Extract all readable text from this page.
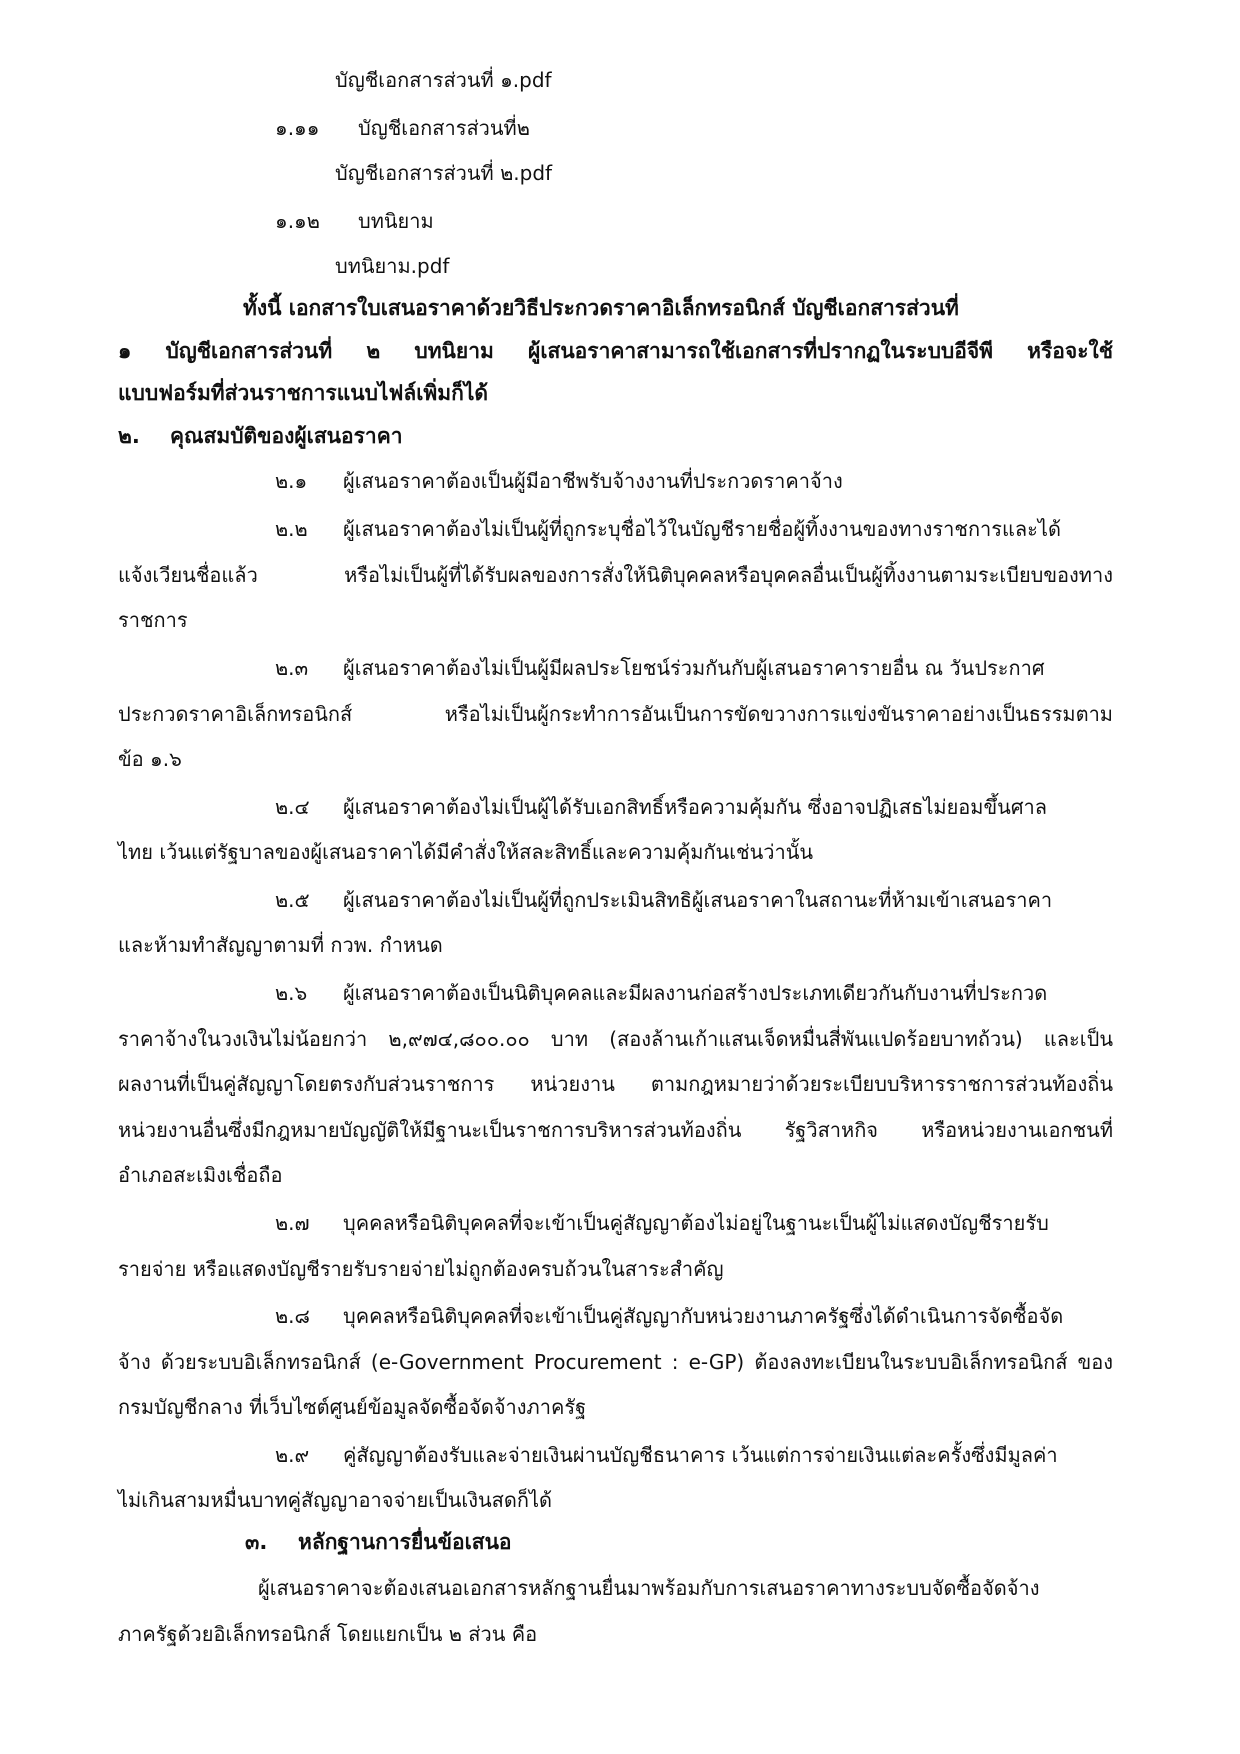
บัญชีเอกสารส่วนที่ ๑.pdf
๑.๑๑ บัญชีเอกสารส่วนที่๒
บัญชีเอกสารส่วนที่ ๒.pdf
๑.๑๒ บทนิยาม
บทนิยาม.pdf
ทั้งนี้ เอกสารใบเสนอราคาด้วยวิธีประกวดราคาอิเล็กทรอนิกส์ บัญชีเอกสารส่วนที่
๑ บัญชีเอกสารส่วนที่ ๒ บทนิยาม ผู้เสนอราคาสามารถใช้เอกสารที่ปรากฏในระบบอีจีพี หรือจะใช้
แบบฟอร์มที่ส่วนราชการแนบไฟล์เพิ่มก็ได้
๒. คุณสมบัติของผู้เสนอราคา
๒.๑ ผู้เสนอราคาต้องเป็นผู้มีอาชีพรับจ้างงานที่ประกวดราคาจ้าง
๒.๒ ผู้เสนอราคาต้องไม่เป็นผู้ที่ถูกระบุชื่อไว้ในบัญชีรายชื่อผู้ทิ้งงานของทางราชการและได้
แจ้งเวียนชื่อแล้ว หรือไม่เป็นผู้ที่ได้รับผลของการสั่งให้นิติบุคคลหรือบุคคลอื่นเป็นผู้ทิ้งงานตามระเบียบของทาง
ราชการ
๒.๓ ผู้เสนอราคาต้องไม่เป็นผู้มีผลประโยชน์ร่วมกันกับผู้เสนอราคารายอื่น ณ วันประกาศ
ประกวดราคาอิเล็กทรอนิกส์ หรือไม่เป็นผู้กระทำการอันเป็นการขัดขวางการแข่งขันราคาอย่างเป็นธรรมตาม
ข้อ ๑.๖
๒.๔ ผู้เสนอราคาต้องไม่เป็นผู้ได้รับเอกสิทธิ์หรือความคุ้มกัน ซึ่งอาจปฏิเสธไม่ยอมขึ้นศาล
ไทย เว้นแต่รัฐบาลของผู้เสนอราคาได้มีคำสั่งให้สละสิทธิ์และความคุ้มกันเช่นว่านั้น
๒.๕ ผู้เสนอราคาต้องไม่เป็นผู้ที่ถูกประเมินสิทธิผู้เสนอราคาในสถานะที่ห้ามเข้าเสนอราคา
และห้ามทำสัญญาตามที่ กวพ. กำหนด
๒.๖ ผู้เสนอราคาต้องเป็นนิติบุคคลและมีผลงานก่อสร้างประเภทเดียวกันกับงานที่ประกวด
ราคาจ้างในวงเงินไม่น้อยกว่า ๒,๙๗๔,๘๐๐.๐๐ บาท (สองล้านเก้าแสนเจ็ดหมื่นสี่พันแปดร้อยบาทถ้วน) และเป็น
ผลงานที่เป็นคู่สัญญาโดยตรงกับส่วนราชการ หน่วยงาน ตามกฎหมายว่าด้วยระเบียบบริหารราชการส่วนท้องถิ่น
หน่วยงานอื่นซึ่งมีกฎหมายบัญญัติให้มีฐานะเป็นราชการบริหารส่วนท้องถิ่น รัฐวิสาหกิจ หรือหน่วยงานเอกชนที่
อำเภอสะเมิงเชื่อถือ
๒.๗ บุคคลหรือนิติบุคคลที่จะเข้าเป็นคู่สัญญาต้องไม่อยู่ในฐานะเป็นผู้ไม่แสดงบัญชีรายรับ
รายจ่าย หรือแสดงบัญชีรายรับรายจ่ายไม่ถูกต้องครบถ้วนในสาระสำคัญ
๒.๘ บุคคลหรือนิติบุคคลที่จะเข้าเป็นคู่สัญญากับหน่วยงานภาครัฐซึ่งได้ดำเนินการจัดซื้อจัด
จ้าง ด้วยระบบอิเล็กทรอนิกส์ (e-Government Procurement : e-GP) ต้องลงทะเบียนในระบบอิเล็กทรอนิกส์ ของ
กรมบัญชีกลาง ที่เว็บไซต์ศูนย์ข้อมูลจัดซื้อจัดจ้างภาครัฐ
๒.๙ คู่สัญญาต้องรับและจ่ายเงินผ่านบัญชีธนาคาร เว้นแต่การจ่ายเงินแต่ละครั้งซึ่งมีมูลค่า
ไม่เกินสามหมื่นบาทคู่สัญญาอาจจ่ายเป็นเงินสดก็ได้
๓. หลักฐานการยื่นข้อเสนอ
ผู้เสนอราคาจะต้องเสนอเอกสารหลักฐานยื่นมาพร้อมกับการเสนอราคาทางระบบจัดซื้อจัดจ้าง
ภาครัฐด้วยอิเล็กทรอนิกส์ โดยแยกเป็น ๒ ส่วน คือ
